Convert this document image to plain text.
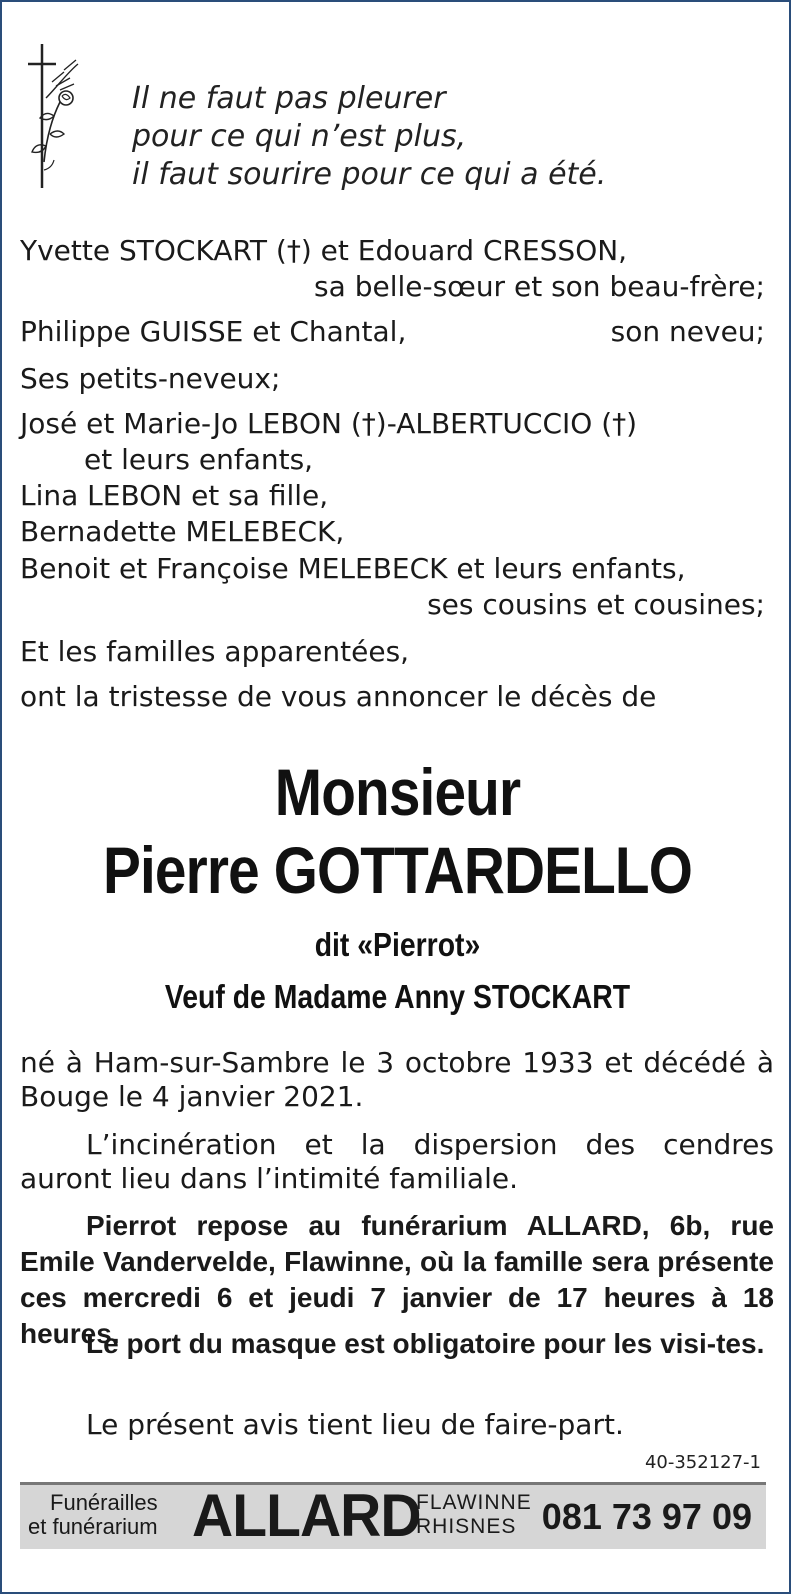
Il ne faut pas pleurer
pour ce qui n’est plus,
il faut sourire pour ce qui a été.
Yvette STOCKART (†) et Edouard CRESSON,
sa belle-sœur et son beau-frère;
Philippe GUISSE et Chantal,	son neveu;
Ses petits-neveux;
José et Marie-Jo LEBON (†)-ALBERTUCCIO (†)
et leurs enfants,
Lina LEBON et sa fille,
Bernadette MELEBECK,
Benoit et Françoise MELEBECK et leurs enfants,
ses cousins et cousines;
Et les familles apparentées,
ont la tristesse de vous annoncer le décès de
Monsieur
Pierre GOTTARDELLO
dit «Pierrot»
Veuf de Madame Anny STOCKART
né à Ham-sur-Sambre le 3 octobre 1933 et décédé à Bouge le 4 janvier 2021.
L’incinération et la dispersion des cendres auront lieu dans l’intimité familiale.
Pierrot repose au funérarium ALLARD, 6b, rue Emile Vandervelde, Flawinne, où la famille sera présente ces mercredi 6 et jeudi 7 janvier de 17 heures à 18 heures.
Le port du masque est obligatoire pour les visi-tes.
Le présent avis tient lieu de faire-part.
40-352127-1
Funérailles
et funérarium ALLARD
FLAWINNE
RHISNES 081 73 97 09
